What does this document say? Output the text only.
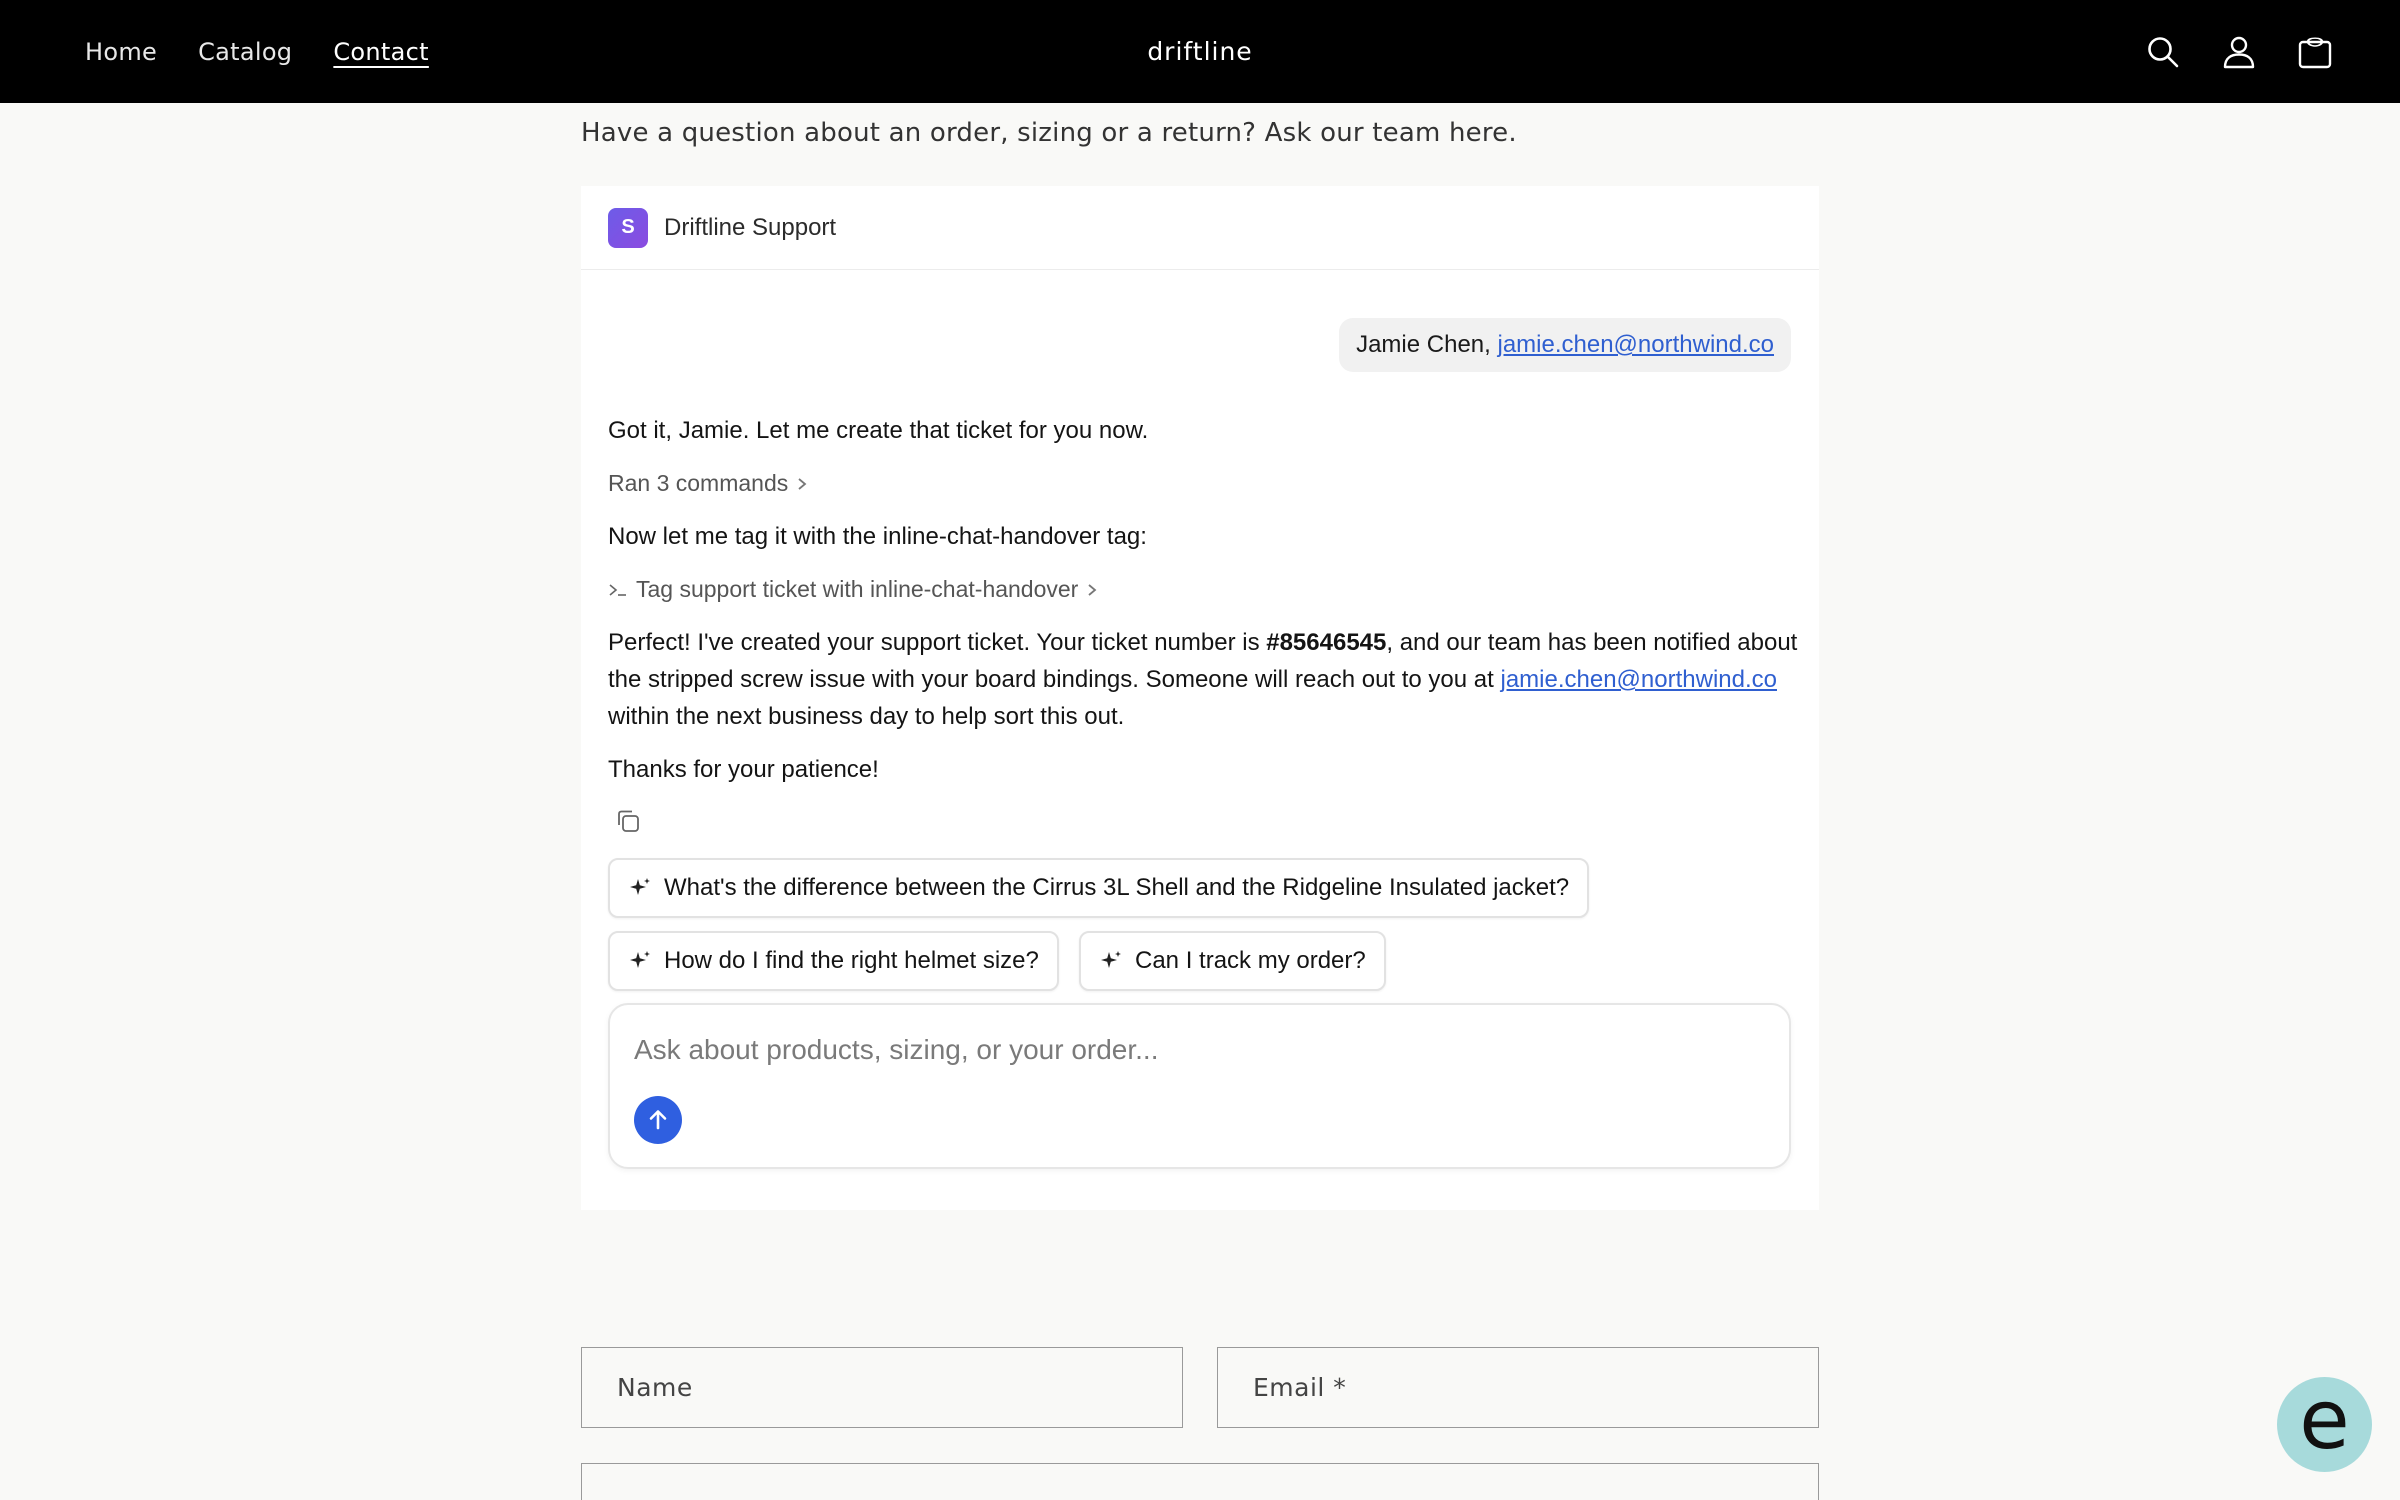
Home Catalog Contact	driftline
Have a question about an order, sizing or a return? Ask our team here.
S	Driftline Support
Jamie Chen,
jamie.chen@northwind.co
Got it, Jamie. Let me create that ticket for you now.
Ran 3 commands
Now let me tag it with the inline-chat-handover tag:
Tag support ticket with inline-chat-handover
Perfect! I've created your support ticket. Your ticket number is #85646545, and our team has been notified about the stripped screw issue with your board bindings. Someone will reach out to you at jamie.chen@northwind.co within the next business day to help sort this out.
Thanks for your patience!
What's the difference between the Cirrus 3L Shell and the Ridgeline Insulated jacket?
How do I find the right helmet size?	Can I track my order?
Ask about products, sizing, or your order...
Name
Email *
Phone number
e
